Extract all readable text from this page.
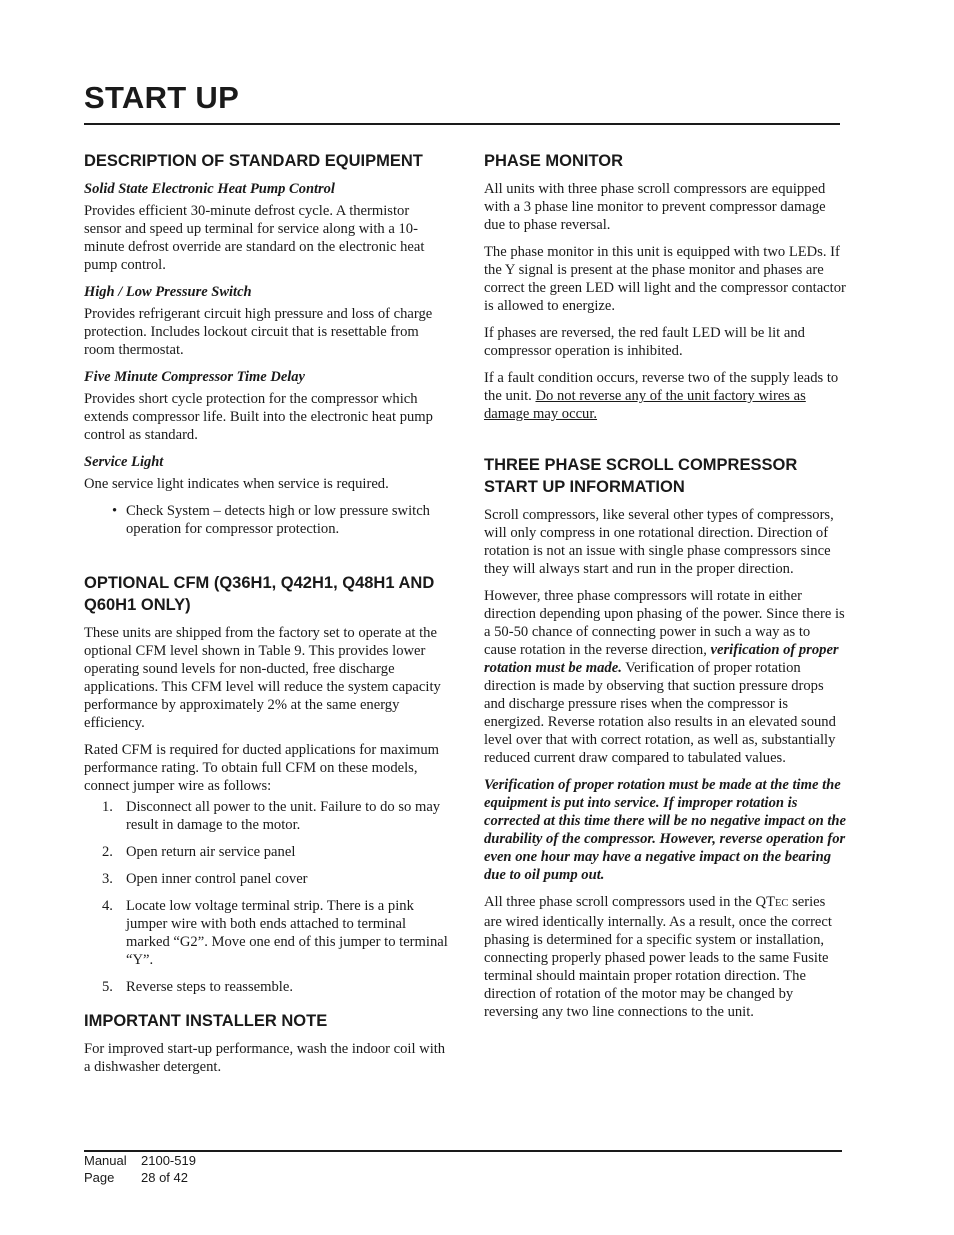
START UP
DESCRIPTION OF STANDARD EQUIPMENT
Solid State Electronic Heat Pump Control

Provides efficient 30-minute defrost cycle. A thermistor sensor and speed up terminal for service along with a 10-minute defrost override are standard on the electronic heat pump control.

High / Low Pressure Switch

Provides refrigerant circuit high pressure and loss of charge protection. Includes lockout circuit that is resettable from room thermostat.

Five Minute Compressor Time Delay

Provides short cycle protection for the compressor which extends compressor life. Built into the electronic heat pump control as standard.

Service Light

One service light indicates when service is required.

• Check System – detects high or low pressure switch operation for compressor protection.
OPTIONAL CFM (Q36H1, Q42H1, Q48H1 AND Q60H1 ONLY)

These units are shipped from the factory set to operate at the optional CFM level shown in Table 9. This provides lower operating sound levels for non-ducted, free discharge applications. This CFM level will reduce the system capacity performance by approximately 2% at the same energy efficiency.

Rated CFM is required for ducted applications for maximum performance rating. To obtain full CFM on these models, connect jumper wire as follows:

1. Disconnect all power to the unit. Failure to do so may result in damage to the motor.
2. Open return air service panel
3. Open inner control panel cover
4. Locate low voltage terminal strip. There is a pink jumper wire with both ends attached to terminal marked “G2”. Move one end of this jumper to terminal “Y”.
5. Reverse steps to reassemble.
IMPORTANT INSTALLER NOTE

For improved start-up performance, wash the indoor coil with a dishwasher detergent.

PHASE MONITOR

All units with three phase scroll compressors are equipped with a 3 phase line monitor to prevent compressor damage due to phase reversal.

The phase monitor in this unit is equipped with two LEDs. If the Y signal is present at the phase monitor and phases are correct the green LED will light and the compressor contactor is allowed to energize.

If phases are reversed, the red fault LED will be lit and compressor operation is inhibited.

If a fault condition occurs, reverse two of the supply leads to the unit. Do not reverse any of the unit factory wires as damage may occur.

THREE PHASE SCROLL COMPRESSOR START UP INFORMATION

Scroll compressors, like several other types of compressors, will only compress in one rotational direction. Direction of rotation is not an issue with single phase compressors since they will always start and run in the proper direction.

However, three phase compressors will rotate in either direction depending upon phasing of the power. Since there is a 50-50 chance of connecting power in such a way as to cause rotation in the reverse direction, verification of proper rotation must be made. Verification of proper rotation direction is made by observing that suction pressure drops and discharge pressure rises when the compressor is energized. Reverse rotation also results in an elevated sound level over that with correct rotation, as well as, substantially reduced current draw compared to tabulated values.

Verification of proper rotation must be made at the time the equipment is put into service. If improper rotation is corrected at this time there will be no negative impact on the durability of the compressor. However, reverse operation for even one hour may have a negative impact on the bearing due to oil pump out.

All three phase scroll compressors used in the QTEC series are wired identically internally. As a result, once the correct phasing is determined for a specific system or installation, connecting properly phased power leads to the same Fusite terminal should maintain proper rotation direction. The direction of rotation of the motor may be changed by reversing any two line connections to the unit.

Manual	2100-519
Page	28 of 42
